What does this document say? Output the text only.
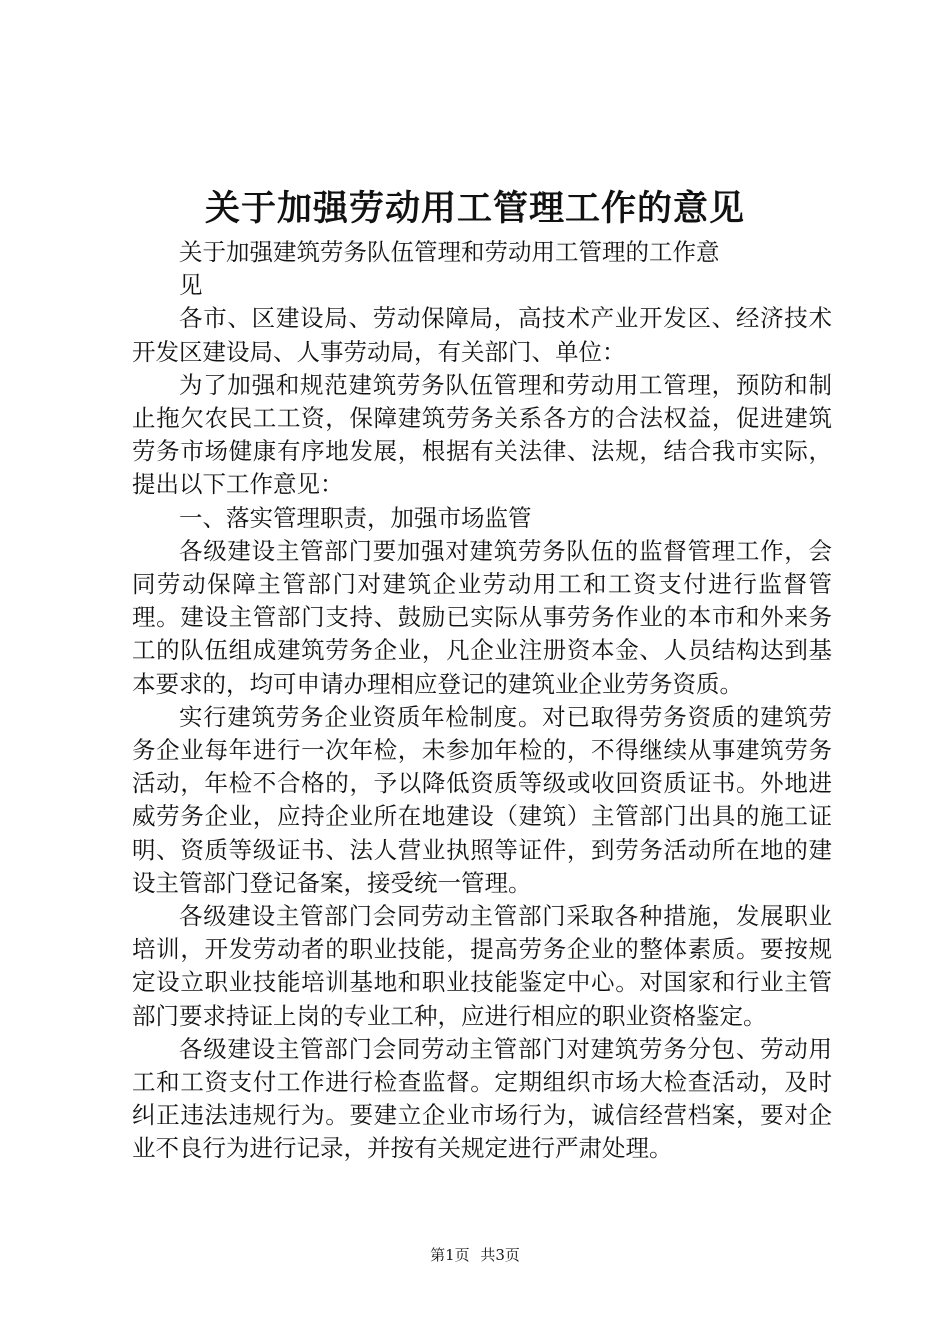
关于加强劳动用工管理工作的意见

关于加强建筑劳务队伍管理和劳动用工管理的工作意见

各市、区建设局、劳动保障局，高技术产业开发区、经济技术开发区建设局、人事劳动局，有关部门、单位：

为了加强和规范建筑劳务队伍管理和劳动用工管理，预防和制止拖欠农民工工资，保障建筑劳务关系各方的合法权益，促进建筑劳务市场健康有序地发展，根据有关法律、法规，结合我市实际，提出以下工作意见：

一、落实管理职责，加强市场监管

各级建设主管部门要加强对建筑劳务队伍的监督管理工作，会同劳动保障主管部门对建筑企业劳动用工和工资支付进行监督管理。建设主管部门支持、鼓励已实际从事劳务作业的本市和外来务工的队伍组成建筑劳务企业，凡企业注册资本金、人员结构达到基本要求的，均可申请办理相应登记的建筑业企业劳务资质。

实行建筑劳务企业资质年检制度。对已取得劳务资质的建筑劳务企业每年进行一次年检，未参加年检的，不得继续从事建筑劳务活动，年检不合格的，予以降低资质等级或收回资质证书。外地进威劳务企业，应持企业所在地建设（建筑）主管部门出具的施工证明、资质等级证书、法人营业执照等证件，到劳务活动所在地的建设主管部门登记备案，接受统一管理。

各级建设主管部门会同劳动主管部门采取各种措施，发展职业培训，开发劳动者的职业技能，提高劳务企业的整体素质。要按规定设立职业技能培训基地和职业技能鉴定中心。对国家和行业主管部门要求持证上岗的专业工种，应进行相应的职业资格鉴定。

各级建设主管部门会同劳动主管部门对建筑劳务分包、劳动用工和工资支付工作进行检查监督。定期组织市场大检查活动，及时纠正违法违规行为。要建立企业市场行为，诚信经营档案，要对企业不良行为进行记录，并按有关规定进行严肃处理。

第1页 共3页
